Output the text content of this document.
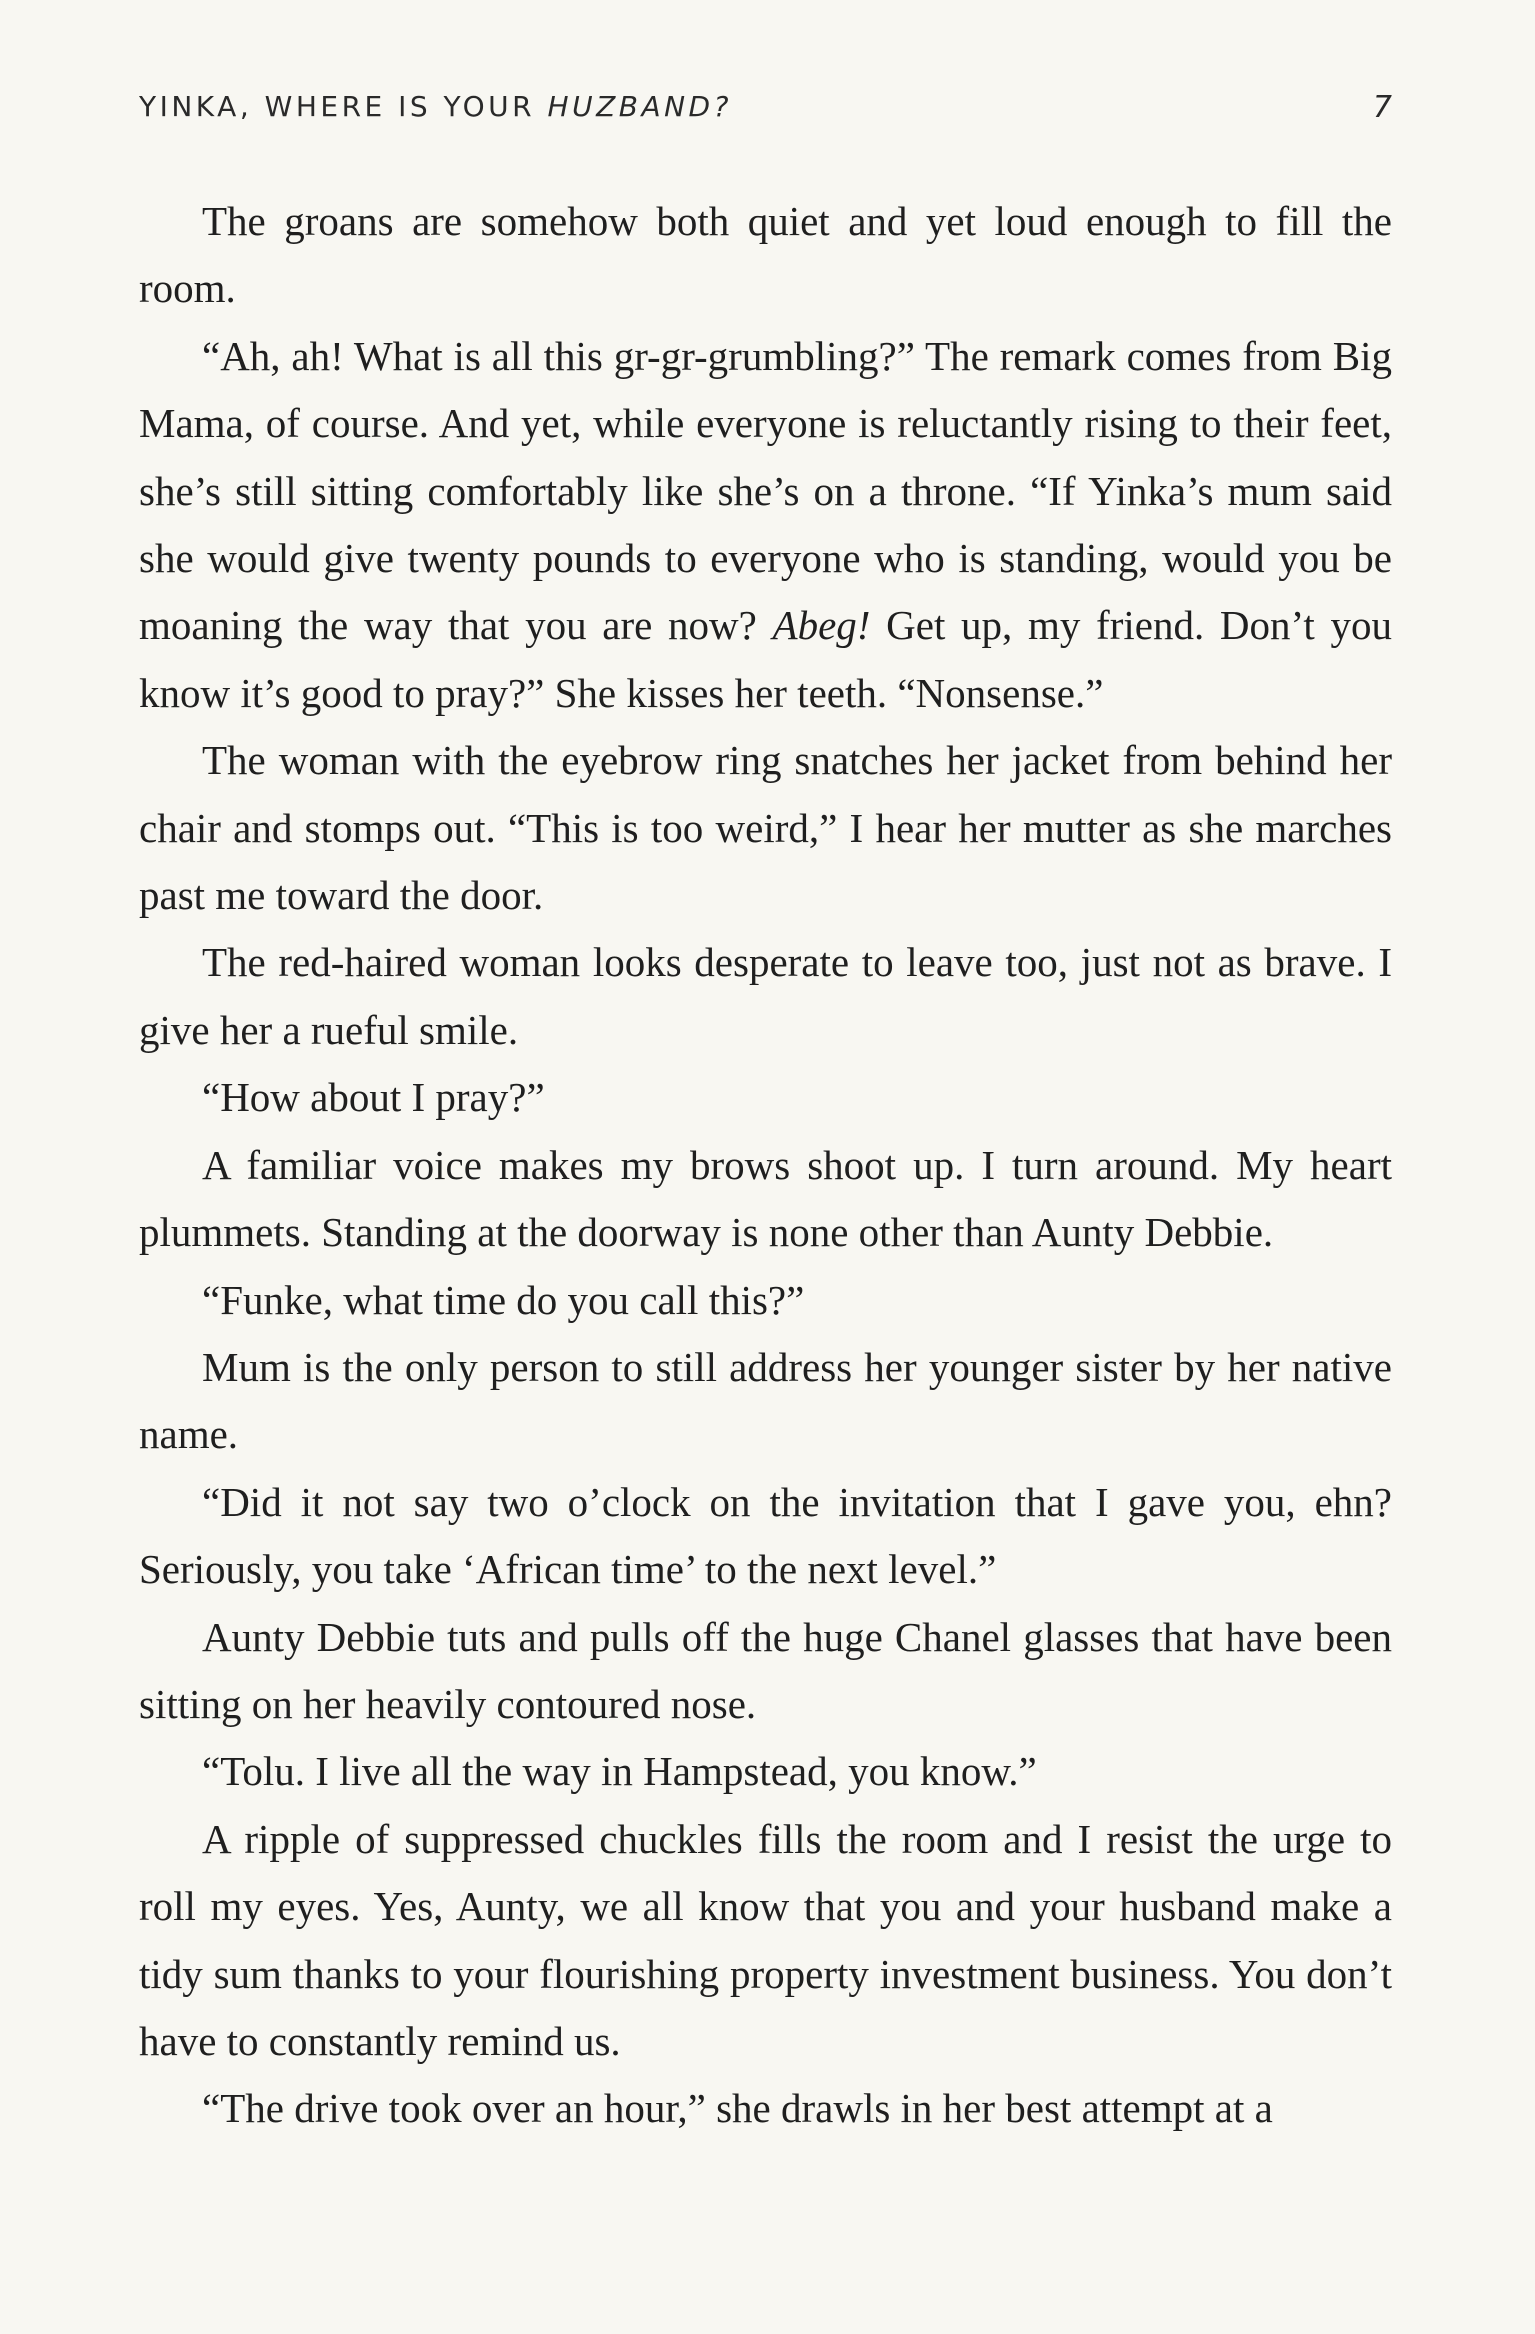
YINKA, WHERE IS YOUR HUZBAND?	7

The groans are somehow both quiet and yet loud enough to fill the room.

“Ah, ah! What is all this gr-gr-grumbling?” The remark comes from Big Mama, of course. And yet, while everyone is reluctantly rising to their feet, she’s still sitting comfortably like she’s on a throne. “If Yinka’s mum said she would give twenty pounds to everyone who is standing, would you be moaning the way that you are now? Abeg! Get up, my friend. Don’t you know it’s good to pray?” She kisses her teeth. “Nonsense.”

The woman with the eyebrow ring snatches her jacket from behind her chair and stomps out. “This is too weird,” I hear her mutter as she marches past me toward the door.

The red-haired woman looks desperate to leave too, just not as brave. I give her a rueful smile.

“How about I pray?”

A familiar voice makes my brows shoot up. I turn around. My heart plummets. Standing at the doorway is none other than Aunty Debbie.

“Funke, what time do you call this?”

Mum is the only person to still address her younger sister by her native name.

“Did it not say two o’clock on the invitation that I gave you, ehn? Seriously, you take ‘African time’ to the next level.”

Aunty Debbie tuts and pulls off the huge Chanel glasses that have been sitting on her heavily contoured nose.

“Tolu. I live all the way in Hampstead, you know.”

A ripple of suppressed chuckles fills the room and I resist the urge to roll my eyes. Yes, Aunty, we all know that you and your husband make a tidy sum thanks to your flourishing property investment business. You don’t have to constantly remind us.

“The drive took over an hour,” she drawls in her best attempt at a
